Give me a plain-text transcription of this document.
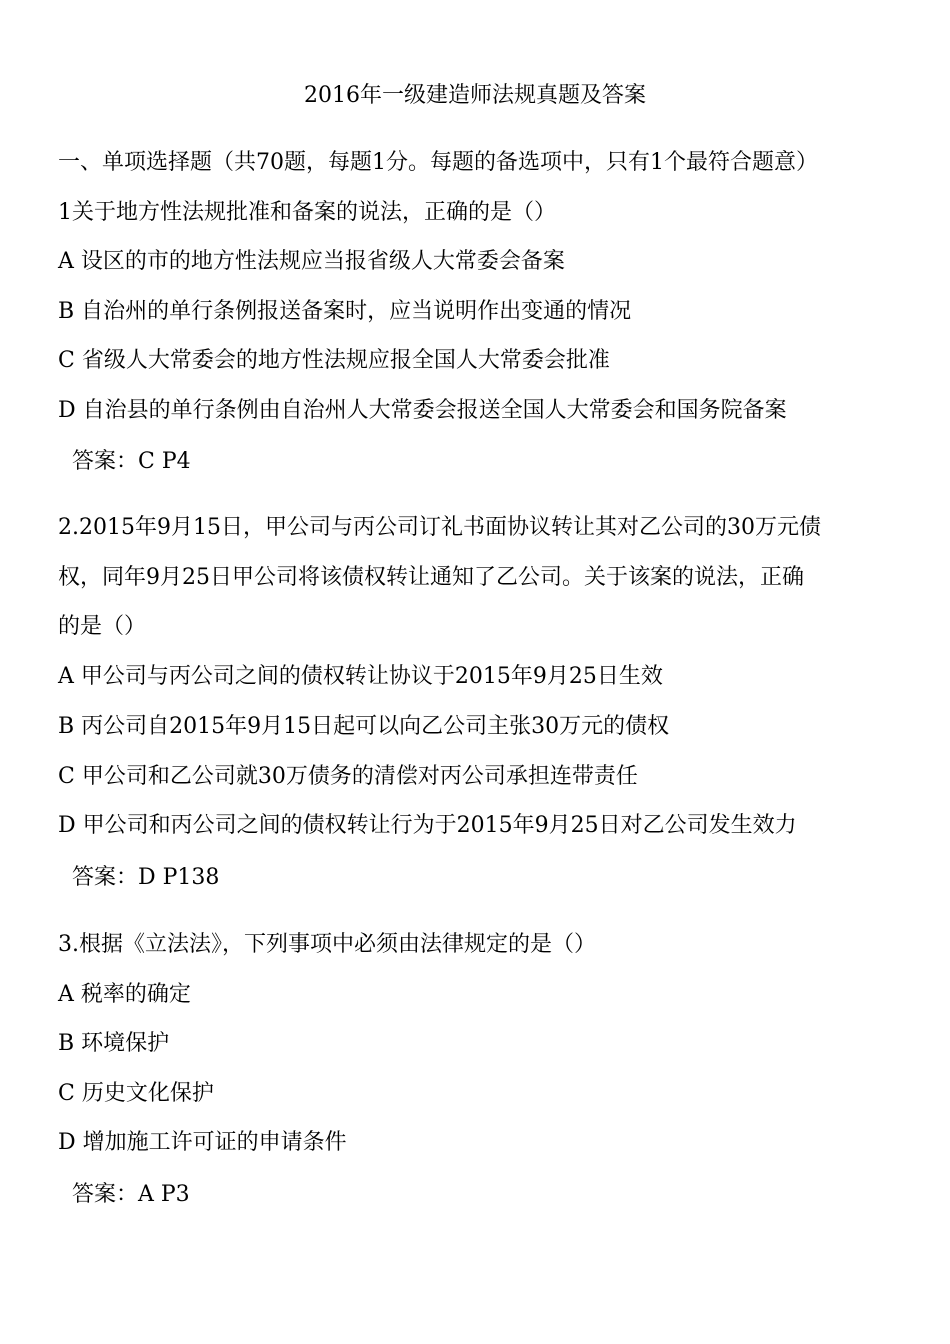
2016年一级建造师法规真题及答案
一、单项选择题（共70题，每题1分。每题的备选项中，只有1个最符合题意）
1关于地方性法规批准和备案的说法，正确的是（）
A 设区的市的地方性法规应当报省级人大常委会备案
B 自治州的单行条例报送备案时，应当说明作出变通的情况
C 省级人大常委会的地方性法规应报全国人大常委会批准
D 自治县的单行条例由自治州人大常委会报送全国人大常委会和国务院备案
答案：C P4
2.2015年9月15日，甲公司与丙公司订礼书面协议转让其对乙公司的30万元债
权，同年9月25日甲公司将该债权转让通知了乙公司。关于该案的说法，正确
的是（）
A 甲公司与丙公司之间的债权转让协议于2015年9月25日生效
B 丙公司自2015年9月15日起可以向乙公司主张30万元的债权
C 甲公司和乙公司就30万债务的清偿对丙公司承担连带责任
D 甲公司和丙公司之间的债权转让行为于2015年9月25日对乙公司发生效力
答案：D P138
3.根据《立法法》，下列事项中必须由法律规定的是（）
A 税率的确定
B 环境保护
C 历史文化保护
D 增加施工许可证的申请条件
答案：A P3
